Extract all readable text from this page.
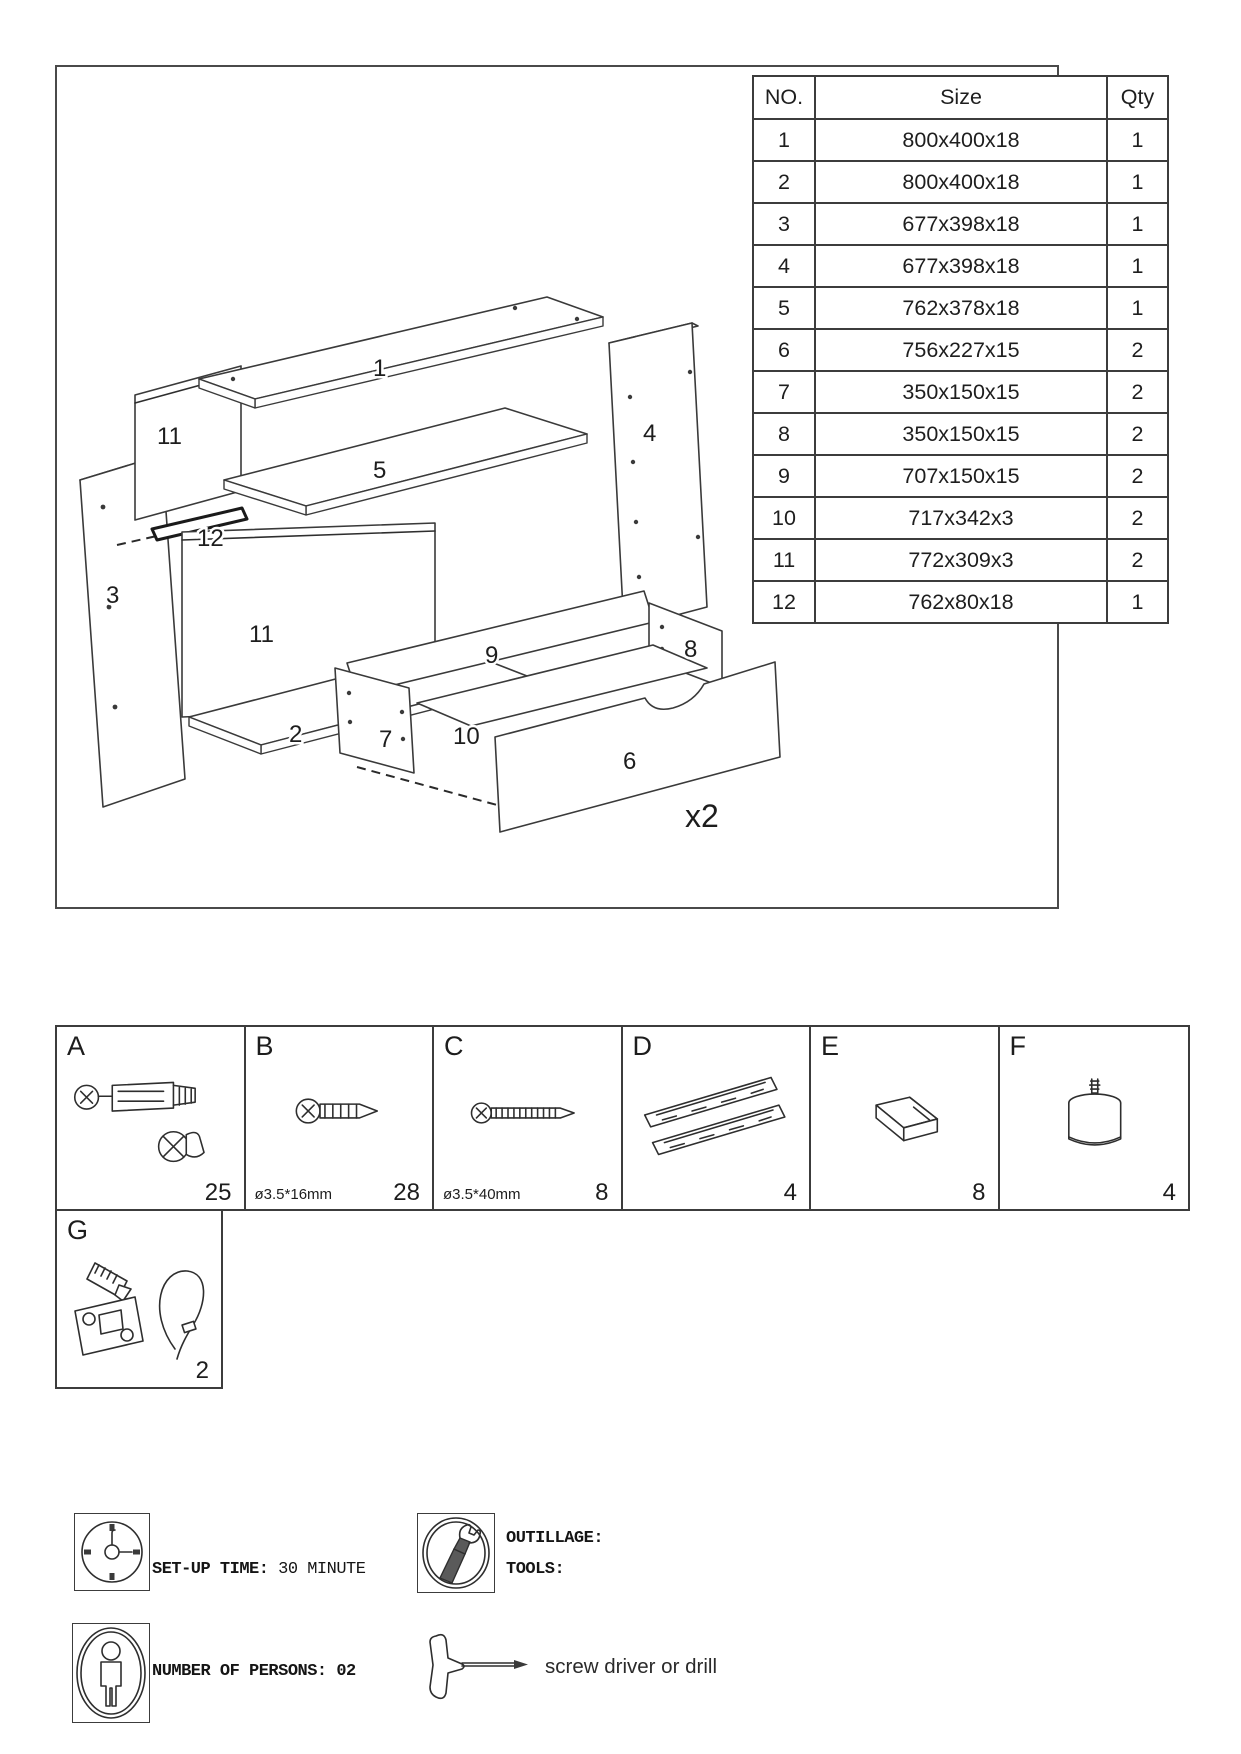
1
11	4
5
12
3
11
9	8
2	7	10
6
x2
NO.	Size	Qty
1	800x400x18	1
2	800x400x18	1
3	677x398x18	1
4	677x398x18	1
5	762x378x18	1
6	756x227x15	2
7	350x150x15	2
8	350x150x15	2
9	707x150x15	2
10	717x342x3	2
11	772x309x3	2
12	762x80x18	1
A
25
B
ø3.5*16mm	28
C
ø3.5*40mm	8
D
4
E
8
F
4
G
2
SET-UP TIME: 30 MINUTE
OUTILLAGE:
TOOLS:
NUMBER OF PERSONS: 02	screw driver or drill
